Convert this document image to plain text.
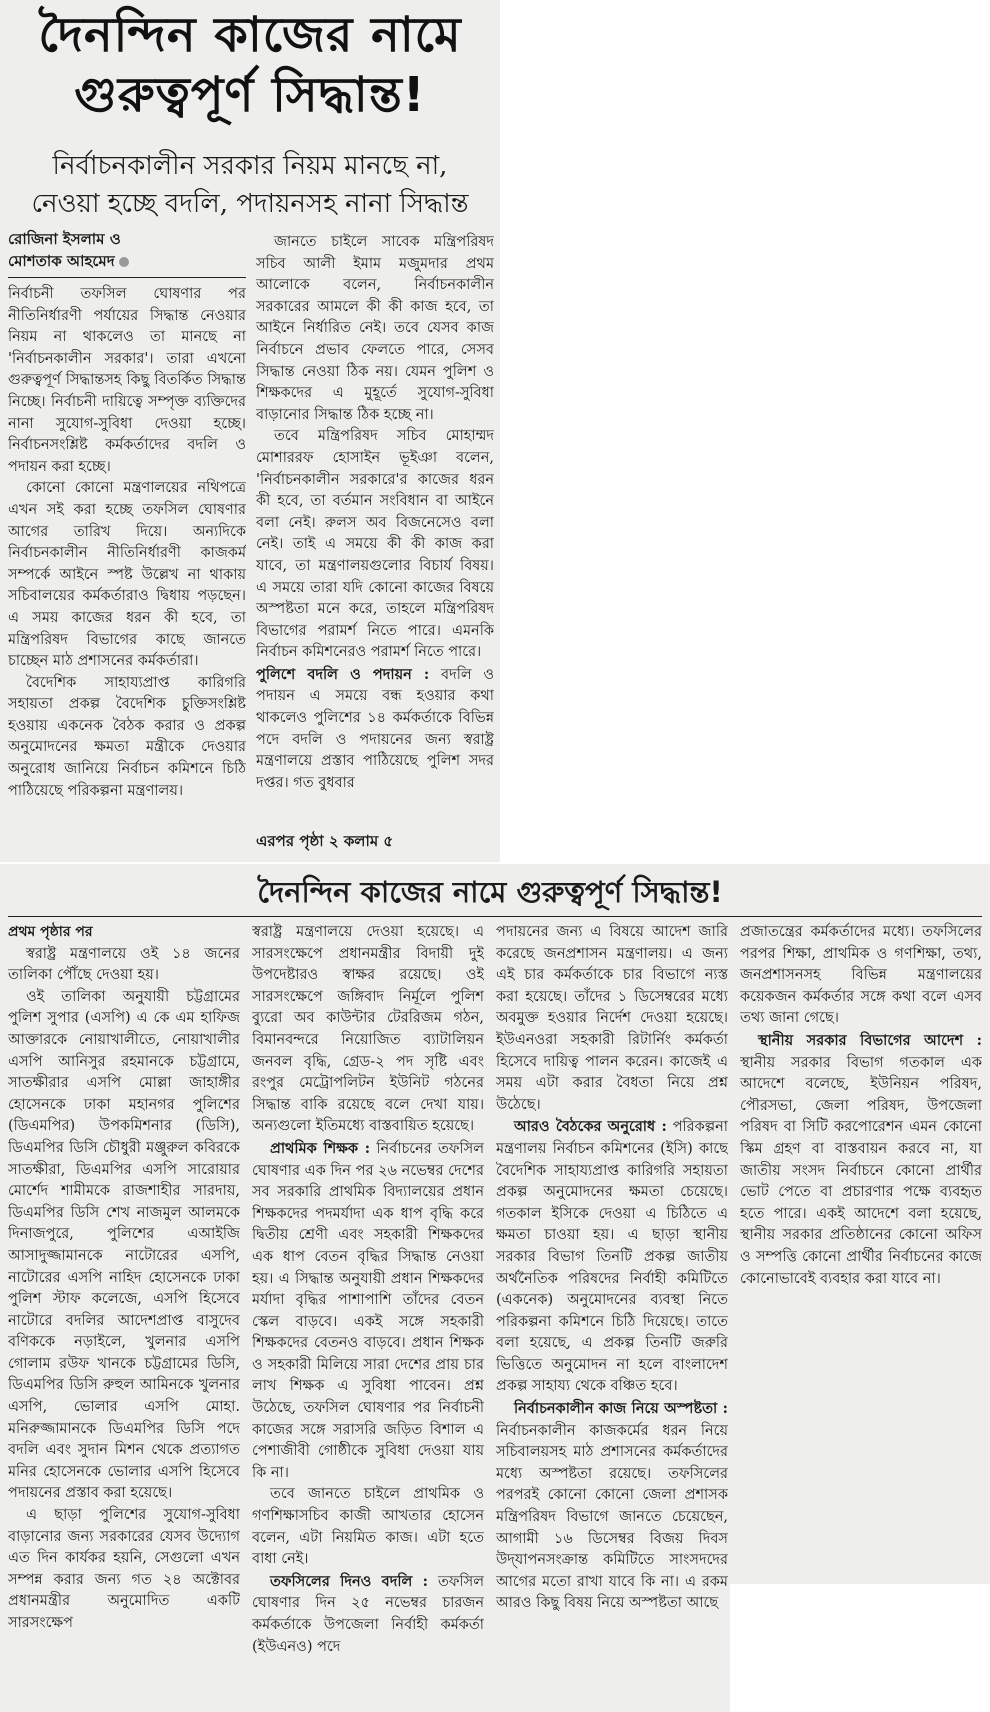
দৈনন্দিন কাজের নামে
গুরুত্বপূর্ণ সিদ্ধান্ত!
নির্বাচনকালীন সরকার নিয়ম মানছে না,
নেওয়া হচ্ছে বদলি, পদায়নসহ নানা সিদ্ধান্ত
রোজিনা ইসলাম ও
মোশতাক আহমেদ

নির্বাচনী তফসিল ঘোষণার পর নীতিনির্ধারণী পর্যায়ের সিদ্ধান্ত নেওয়ার নিয়ম না থাকলেও তা মানছে না 'নির্বাচনকালীন সরকার'। তারা এখনো গুরুত্বপূর্ণ সিদ্ধান্তসহ কিছু বিতর্কিত সিদ্ধান্ত নিচ্ছে। নির্বাচনী দায়িত্বে সম্পৃক্ত ব্যক্তিদের নানা সুযোগ-সুবিধা দেওয়া হচ্ছে। নির্বাচনসংশ্লিষ্ট কর্মকর্তাদের বদলি ও পদায়ন করা হচ্ছে।

কোনো কোনো মন্ত্রণালয়ের নথিপত্রে এখন সই করা হচ্ছে তফসিল ঘোষণার আগের তারিখ দিয়ে। অন্যদিকে নির্বাচনকালীন নীতিনির্ধারণী কাজকর্ম সম্পর্কে আইনে স্পষ্ট উল্লেখ না থাকায় সচিবালয়ের কর্মকর্তারাও দ্বিধায় পড়ছেন। এ সময় কাজের ধরন কী হবে, তা মন্ত্রিপরিষদ বিভাগের কাছে জানতে চাচ্ছেন মাঠ প্রশাসনের কর্মকর্তারা।

বৈদেশিক সাহায্যপ্রাপ্ত কারিগরি সহায়তা প্রকল্প বৈদেশিক চুক্তিসংশ্লিষ্ট হওয়ায় একনেক বৈঠক করার ও প্রকল্প অনুমোদনের ক্ষমতা মন্ত্রীকে দেওয়ার অনুরোধ জানিয়ে নির্বাচন কমিশনে চিঠি পাঠিয়েছে পরিকল্পনা মন্ত্রণালয়।

জানতে চাইলে সাবেক মন্ত্রিপরিষদ সচিব আলী ইমাম মজুমদার প্রথম আলোকে বলেন, নির্বাচনকালীন সরকারের আমলে কী কী কাজ হবে, তা আইনে নির্ধারিত নেই। তবে যেসব কাজ নির্বাচনে প্রভাব ফেলতে পারে, সেসব সিদ্ধান্ত নেওয়া ঠিক নয়। যেমন পুলিশ ও শিক্ষকদের এ মুহূর্তে সুযোগ-সুবিধা বাড়ানোর সিদ্ধান্ত ঠিক হচ্ছে না।

তবে মন্ত্রিপরিষদ সচিব মোহাম্মদ মোশাররফ হোসাইন ভূইঞা বলেন, 'নির্বাচনকালীন সরকারে'র কাজের ধরন কী হবে, তা বর্তমান সংবিধান বা আইনে বলা নেই। রুলস অব বিজনেসেও বলা নেই। তাই এ সময়ে কী কী কাজ করা যাবে, তা মন্ত্রণালয়গুলোর বিচার্য বিষয়। এ সময়ে তারা যদি কোনো কাজের বিষয়ে অস্পষ্টতা মনে করে, তাহলে মন্ত্রিপরিষদ বিভাগের পরামর্শ নিতে পারে। এমনকি নির্বাচন কমিশনেরও পরামর্শ নিতে পারে।

পুলিশে বদলি ও পদায়ন : বদলি ও পদায়ন এ সময়ে বন্ধ হওয়ার কথা থাকলেও পুলিশের ১৪ কর্মকর্তাকে বিভিন্ন পদে বদলি ও পদায়নের জন্য স্বরাষ্ট্র মন্ত্রণালয়ে প্রস্তাব পাঠিয়েছে পুলিশ সদর দপ্তর। গত বুধবার

এরপর পৃষ্ঠা ২ কলাম ৫
দৈনন্দিন কাজের নামে গুরুত্বপূর্ণ সিদ্ধান্ত!

প্রথম পৃষ্ঠার পর

স্বরাষ্ট্র মন্ত্রণালয়ে ওই ১৪ জনের তালিকা পৌঁছে দেওয়া হয়।

ওই তালিকা অনুযায়ী চট্টগ্রামের পুলিশ সুপার (এসপি) এ কে এম হাফিজ আক্তারকে নোয়াখালীতে, নোয়াখালীর এসপি আনিসুর রহমানকে চট্টগ্রামে, সাতক্ষীরার এসপি মোল্লা জাহাঙ্গীর হোসেনকে ঢাকা মহানগর পুলিশের (ডিএমপির) উপকমিশনার (ডিসি), ডিএমপির ডিসি চৌধুরী মঞ্জুরুল কবিরকে সাতক্ষীরা, ডিএমপির এসপি সারোয়ার মোর্শেদ শামীমকে রাজশাহীর সারদায়, ডিএমপির ডিসি শেখ নাজমুল আলমকে দিনাজপুরে, পুলিশের এআইজি আসাদুজ্জামানকে নাটোরের এসপি, নাটোরের এসপি নাহিদ হোসেনকে ঢাকা পুলিশ স্টাফ কলেজে, এসপি হিসেবে নাটোরে বদলির আদেশপ্রাপ্ত বাসুদেব বণিককে নড়াইলে, খুলনার এসপি গোলাম রউফ খানকে চট্টগ্রামের ডিসি, ডিএমপির ডিসি রুহুল আমিনকে খুলনার এসপি, ভোলার এসপি মোহা. মনিরুজ্জামানকে ডিএমপির ডিসি পদে বদলি এবং সুদান মিশন থেকে প্রত্যাগত মনির হোসেনকে ভোলার এসপি হিসেবে পদায়নের প্রস্তাব করা হয়েছে।

এ ছাড়া পুলিশের সুযোগ-সুবিধা বাড়ানোর জন্য সরকারের যেসব উদ্যোগ এত দিন কার্যকর হয়নি, সেগুলো এখন সম্পন্ন করার জন্য গত ২৪ অক্টোবর প্রধানমন্ত্রীর অনুমোদিত একটি সারসংক্ষেপ

স্বরাষ্ট্র মন্ত্রণালয়ে দেওয়া হয়েছে। এ সারসংক্ষেপে প্রধানমন্ত্রীর বিদায়ী দুই উপদেষ্টারও স্বাক্ষর রয়েছে। ওই সারসংক্ষেপে জঙ্গিবাদ নির্মূলে পুলিশ ব্যুরো অব কাউন্টার টেররিজম গঠন, বিমানবন্দরে নিয়োজিত ব্যাটালিয়ন জনবল বৃদ্ধি, গ্রেড-২ পদ সৃষ্টি এবং রংপুর মেট্রোপলিটন ইউনিট গঠনের সিদ্ধান্ত বাকি রয়েছে বলে দেখা যায়। অন্যগুলো ইতিমধ্যে বাস্তবায়িত হয়েছে।

প্রাথমিক শিক্ষক : নির্বাচনের তফসিল ঘোষণার এক দিন পর ২৬ নভেম্বর দেশের সব সরকারি প্রাথমিক বিদ্যালয়ের প্রধান শিক্ষকদের পদমর্যাদা এক ধাপ বৃদ্ধি করে দ্বিতীয় শ্রেণী এবং সহকারী শিক্ষকদের এক ধাপ বেতন বৃদ্ধির সিদ্ধান্ত নেওয়া হয়। এ সিদ্ধান্ত অনুযায়ী প্রধান শিক্ষকদের মর্যাদা বৃদ্ধির পাশাপাশি তাঁদের বেতন স্কেল বাড়বে। একই সঙ্গে সহকারী শিক্ষকদের বেতনও বাড়বে। প্রধান শিক্ষক ও সহকারী মিলিয়ে সারা দেশের প্রায় চার লাখ শিক্ষক এ সুবিধা পাবেন। প্রশ্ন উঠেছে, তফসিল ঘোষণার পর নির্বাচনী কাজের সঙ্গে সরাসরি জড়িত বিশাল এ পেশাজীবী গোষ্ঠীকে সুবিধা দেওয়া যায় কি না।

তবে জানতে চাইলে প্রাথমিক ও গণশিক্ষাসচিব কাজী আখতার হোসেন বলেন, এটা নিয়মিত কাজ। এটা হতে বাধা নেই।

তফসিলের দিনও বদলি : তফসিল ঘোষণার দিন ২৫ নভেম্বর চারজন কর্মকর্তাকে উপজেলা নির্বাহী কর্মকর্তা (ইউএনও) পদে

পদায়নের জন্য এ বিষয়ে আদেশ জারি করেছে জনপ্রশাসন মন্ত্রণালয়। এ জন্য এই চার কর্মকর্তাকে চার বিভাগে ন্যস্ত করা হয়েছে। তাঁদের ১ ডিসেম্বরের মধ্যে অবমুক্ত হওয়ার নির্দেশ দেওয়া হয়েছে। ইউএনওরা সহকারী রিটার্নিং কর্মকর্তা হিসেবে দায়িত্ব পালন করেন। কাজেই এ সময় এটা করার বৈধতা নিয়ে প্রশ্ন উঠেছে।

আরও বৈঠকের অনুরোধ : পরিকল্পনা মন্ত্রণালয় নির্বাচন কমিশনের (ইসি) কাছে বৈদেশিক সাহায্যপ্রাপ্ত কারিগরি সহায়তা প্রকল্প অনুমোদনের ক্ষমতা চেয়েছে। গতকাল ইসিকে দেওয়া এ চিঠিতে এ ক্ষমতা চাওয়া হয়। এ ছাড়া স্থানীয় সরকার বিভাগ তিনটি প্রকল্প জাতীয় অর্থনৈতিক পরিষদের নির্বাহী কমিটিতে (একনেক) অনুমোদনের ব্যবস্থা নিতে পরিকল্পনা কমিশনে চিঠি দিয়েছে। তাতে বলা হয়েছে, এ প্রকল্প তিনটি জরুরি ভিত্তিতে অনুমোদন না হলে বাংলাদেশ প্রকল্প সাহায্য থেকে বঞ্চিত হবে।

নির্বাচনকালীন কাজ নিয়ে অস্পষ্টতা : নির্বাচনকালীন কাজকর্মের ধরন নিয়ে সচিবালয়সহ মাঠ প্রশাসনের কর্মকর্তাদের মধ্যে অস্পষ্টতা রয়েছে। তফসিলের পরপরই কোনো কোনো জেলা প্রশাসক মন্ত্রিপরিষদ বিভাগে জানতে চেয়েছেন, আগামী ১৬ ডিসেম্বর বিজয় দিবস উদ্‌যাপনসংক্রান্ত কমিটিতে সাংসদদের আগের মতো রাখা যাবে কি না। এ রকম আরও কিছু বিষয় নিয়ে অস্পষ্টতা আছে

প্রজাতন্ত্রের কর্মকর্তাদের মধ্যে। তফসিলের পরপর শিক্ষা, প্রাথমিক ও গণশিক্ষা, তথ্য, জনপ্রশাসনসহ বিভিন্ন মন্ত্রণালয়ের কয়েকজন কর্মকর্তার সঙ্গে কথা বলে এসব তথ্য জানা গেছে।

স্থানীয় সরকার বিভাগের আদেশ : স্থানীয় সরকার বিভাগ গতকাল এক আদেশে বলেছে, ইউনিয়ন পরিষদ, পৌরসভা, জেলা পরিষদ, উপজেলা পরিষদ বা সিটি করপোরেশন এমন কোনো স্কিম গ্রহণ বা বাস্তবায়ন করবে না, যা জাতীয় সংসদ নির্বাচনে কোনো প্রার্থীর ভোট পেতে বা প্রচারণার পক্ষে ব্যবহৃত হতে পারে। একই আদেশে বলা হয়েছে, স্থানীয় সরকার প্রতিষ্ঠানের কোনো অফিস ও সম্পত্তি কোনো প্রার্থীর নির্বাচনের কাজে কোনোভাবেই ব্যবহার করা যাবে না।
